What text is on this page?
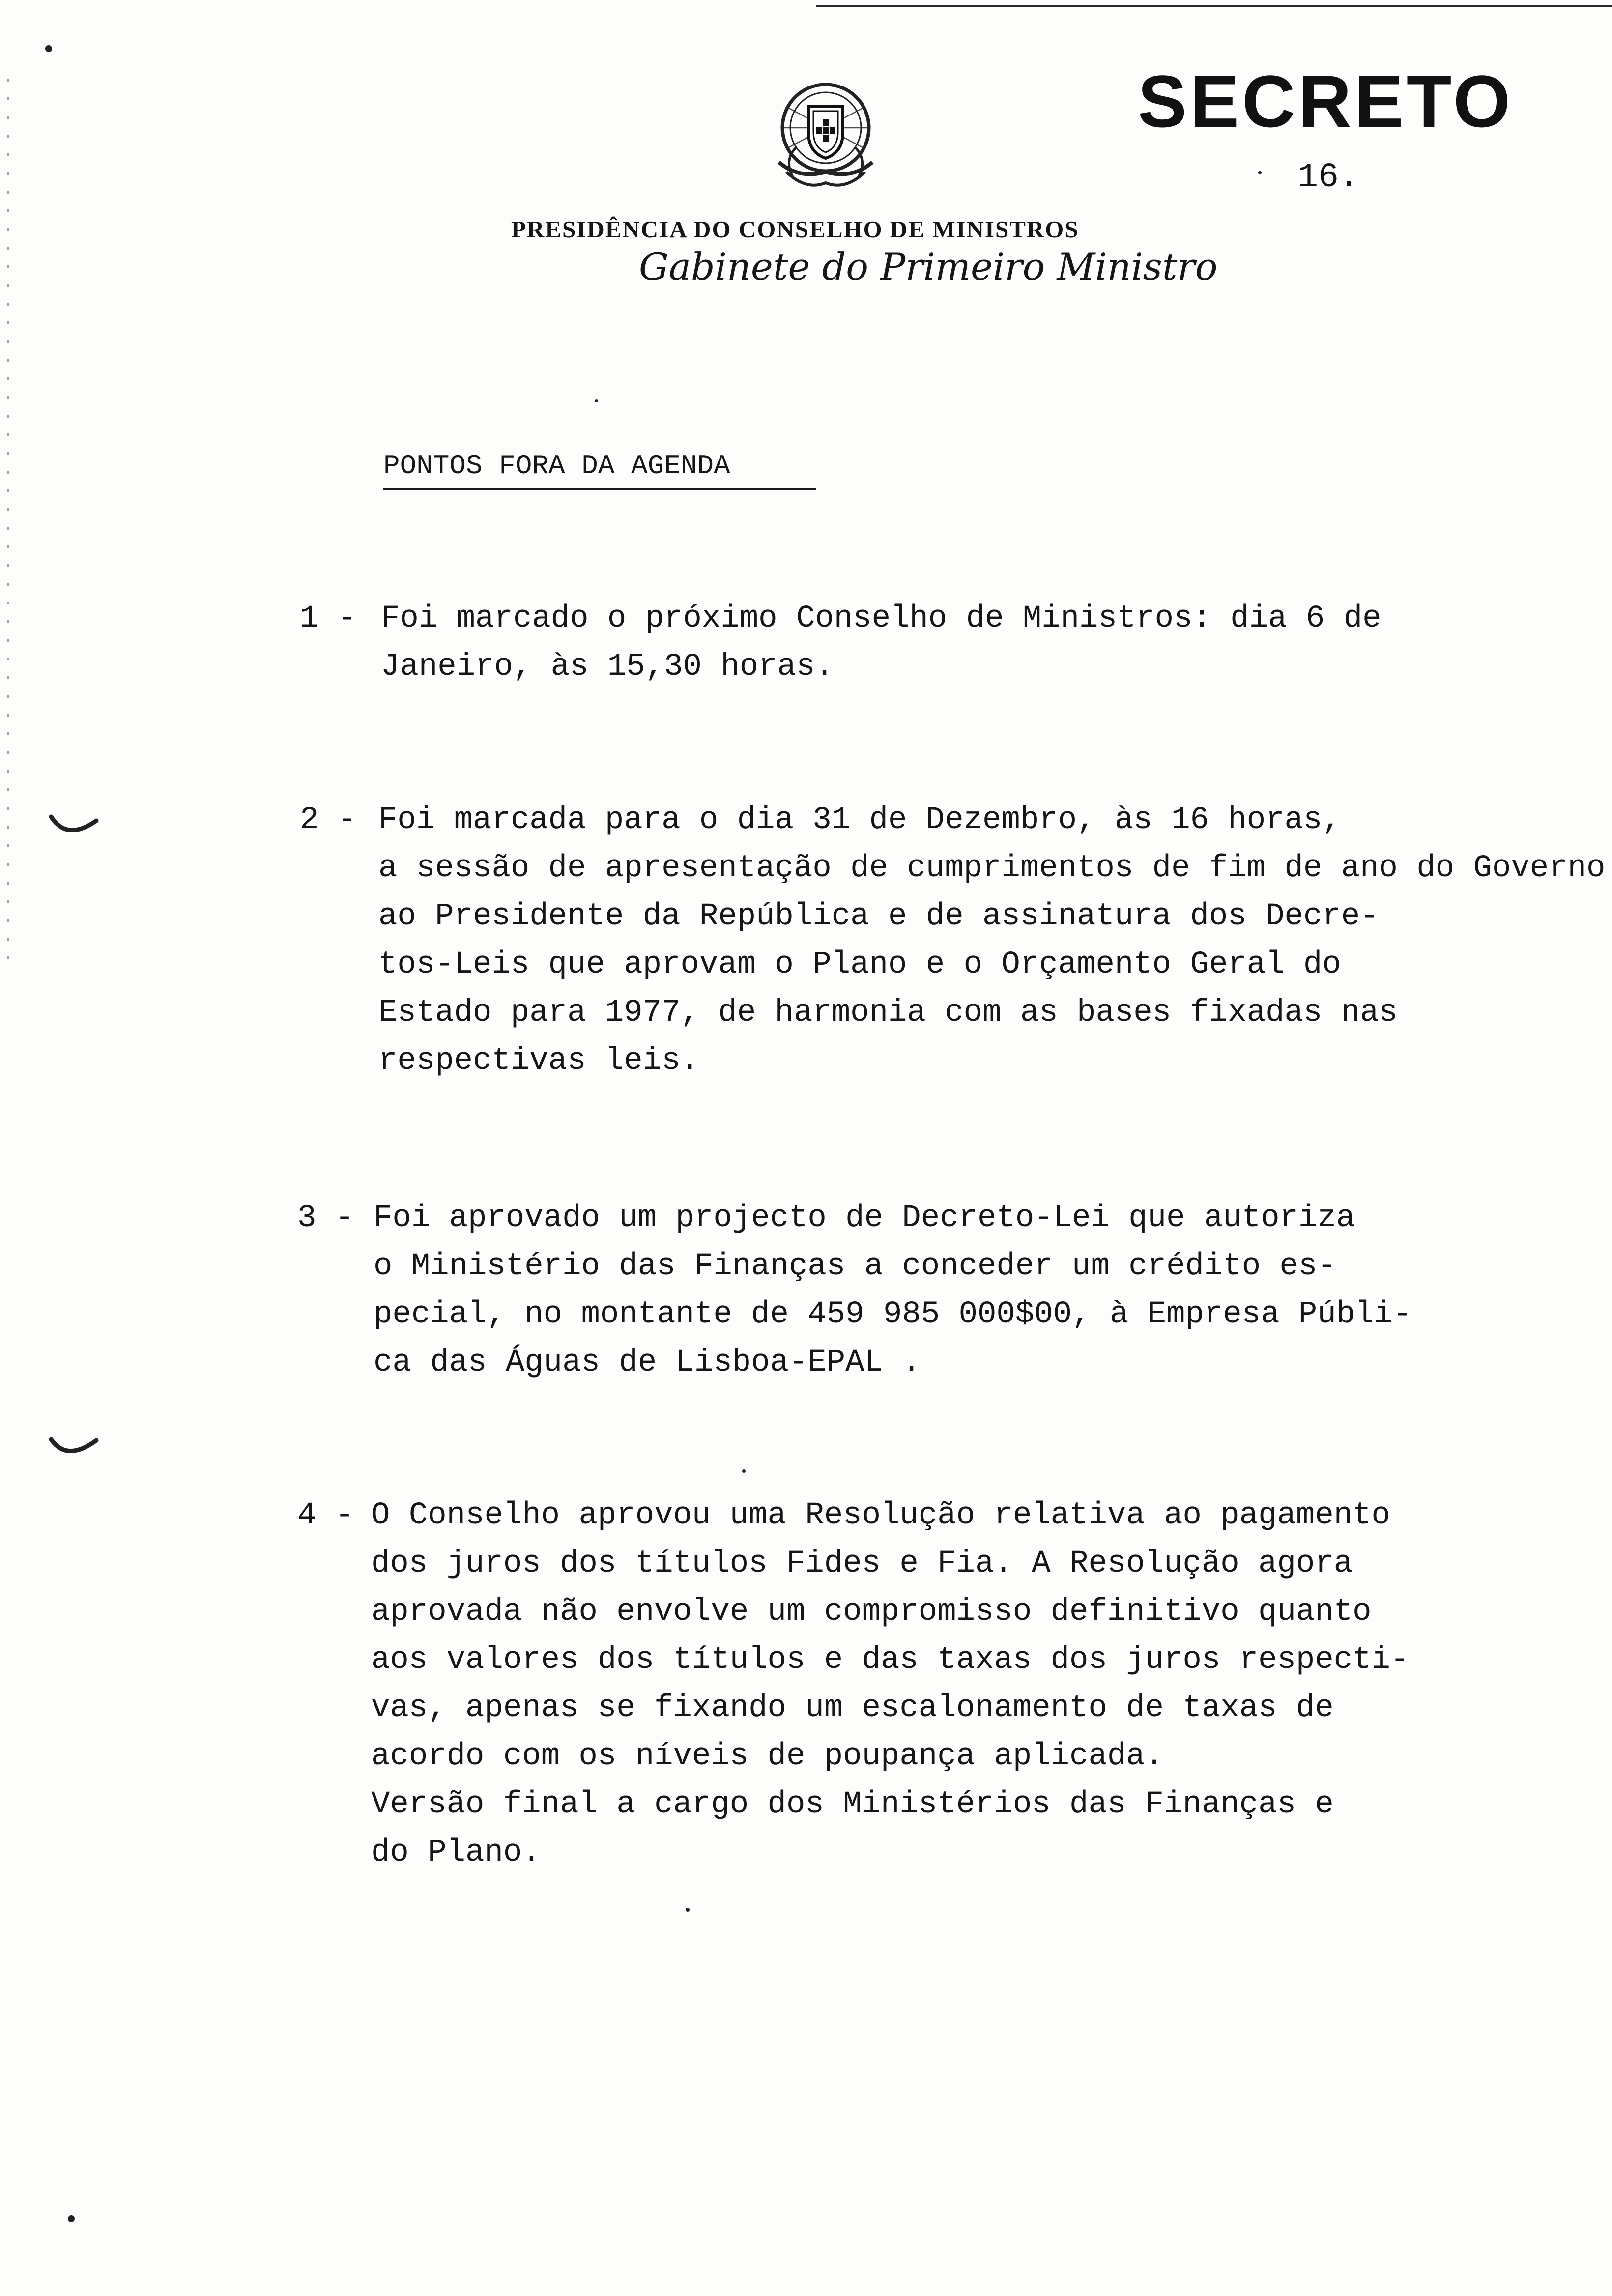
SECRETO
16.
PRESIDÊNCIA DO CONSELHO DE MINISTROS
Gabinete do Primeiro Ministro
PONTOS FORA DA AGENDA
1 - Foi marcado o próximo Conselho de Ministros: dia 6 de
Janeiro, às 15,30 horas.
2 - Foi marcada para o dia 31 de Dezembro, às 16 horas,
a sessão de apresentação de cumprimentos de fim de ano do Governo
ao Presidente da República e de assinatura dos Decre-
tos-Leis que aprovam o Plano e o Orçamento Geral do
Estado para 1977, de harmonia com as bases fixadas nas
respectivas leis.
3 - Foi aprovado um projecto de Decreto-Lei que autoriza
o Ministério das Finanças a conceder um crédito es-
pecial, no montante de 459 985 000$00, à Empresa Públi-
ca das Águas de Lisboa-EPAL .
4 - O Conselho aprovou uma Resolução relativa ao pagamento
dos juros dos títulos Fides e Fia. A Resolução agora
aprovada não envolve um compromisso definitivo quanto
aos valores dos títulos e das taxas dos juros respecti-
vas, apenas se fixando um escalonamento de taxas de
acordo com os níveis de poupança aplicada.
Versão final a cargo dos Ministérios das Finanças e
do Plano.
